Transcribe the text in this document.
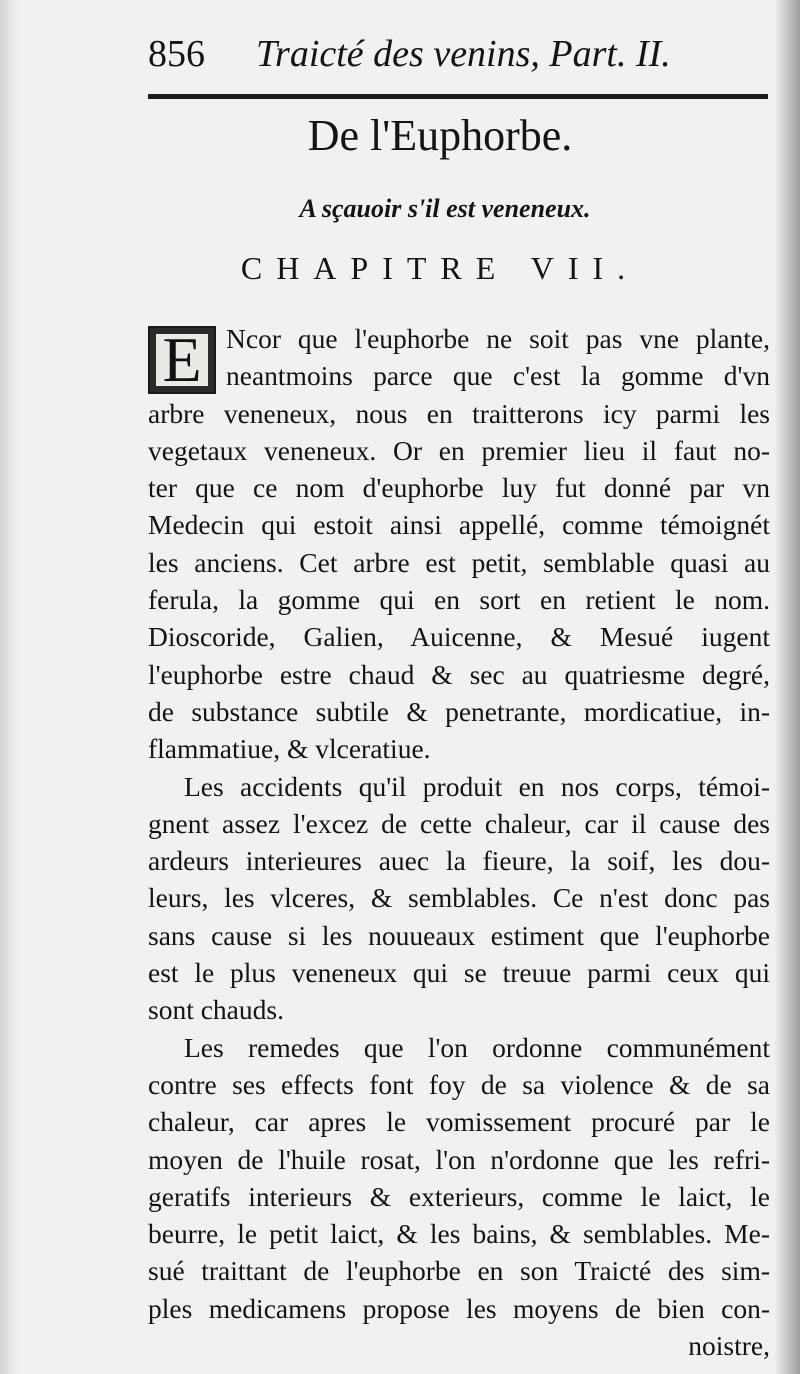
856 Traicté des venins, Part. II.
De l'Euphorbe.
A sçauoir s'il est veneneux.
CHAPITRE VII.
E Ncor que l'euphorbe ne soit pas vne plante,
neantmoins parce que c'est la gomme d'vn
arbre veneneux, nous en traitterons icy parmi les
vegetaux veneneux. Or en premier lieu il faut no-
ter que ce nom d'euphorbe luy fut donné par vn
Medecin qui estoit ainsi appellé, comme témoignét
les anciens. Cet arbre est petit, semblable quasi au
ferula, la gomme qui en sort en retient le nom.
Dioscoride, Galien, Auicenne, & Mesué iugent
l'euphorbe estre chaud & sec au quatriesme degré,
de substance subtile & penetrante, mordicatiue, in-
flammatiue, & vlceratiue.
Les accidents qu'il produit en nos corps, témoi-
gnent assez l'excez de cette chaleur, car il cause des
ardeurs interieures auec la fieure, la soif, les dou-
leurs, les vlceres, & semblables. Ce n'est donc pas
sans cause si les nouueaux estiment que l'euphorbe
est le plus veneneux qui se treuue parmi ceux qui
sont chauds.
Les remedes que l'on ordonne communément
contre ses effects font foy de sa violence & de sa
chaleur, car apres le vomissement procuré par le
moyen de l'huile rosat, l'on n'ordonne que les refri-
geratifs interieurs & exterieurs, comme le laict, le
beurre, le petit laict, & les bains, & semblables. Me-
sué traittant de l'euphorbe en son Traicté des sim-
ples medicamens propose les moyens de bien con-
noistre,
